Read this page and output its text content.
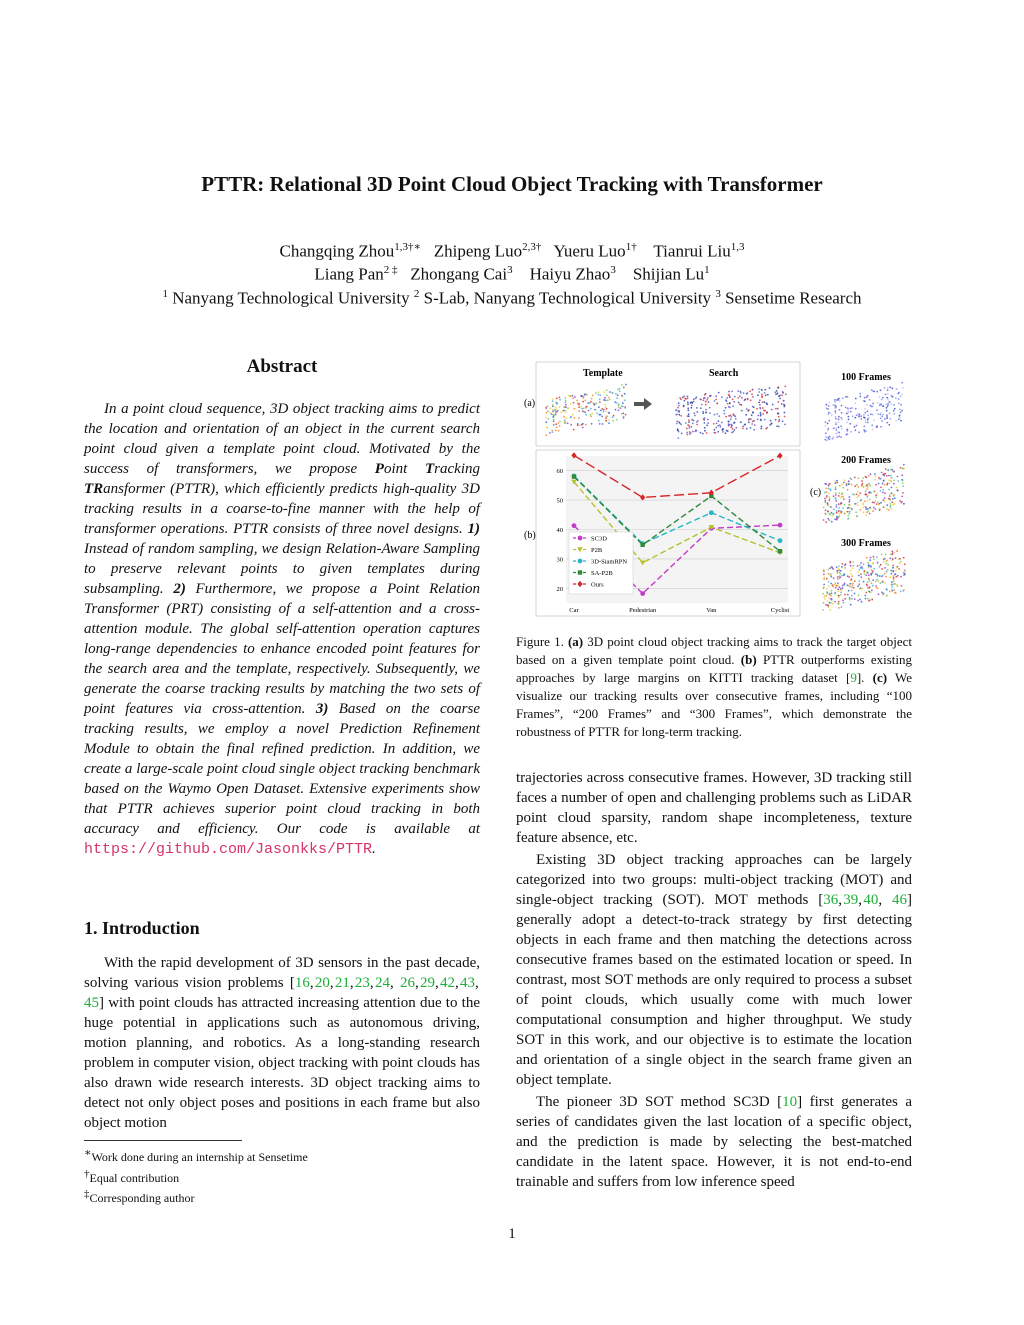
PTTR: Relational 3D Point Cloud Object Tracking with Transformer
Changqing Zhou$^{1,3\dagger∗}$ Zhipeng Luo$^{2,3\dagger}$ Yueru Luo$^{1\dagger}$ Tianrui Liu$^{1,3}$
Liang Pan$^{2 \ddagger}$ Zhongang Cai$^3$ Haiyu Zhao$^3$ Shijian Lu$^1$
$^1$ Nanyang Technological University $^2$ S-Lab, Nanyang Technological University $^3$ Sensetime Research
Abstract

In a point cloud sequence, 3D object tracking aims to predict the location and orientation of an object in the current search point cloud given a template point cloud. Motivated by the success of transformers, we propose Point Tracking TRansformer (PTTR), which efficiently predicts high-quality 3D tracking results in a coarse-to-fine manner with the help of transformer operations. PTTR consists of three novel designs. 1) Instead of random sampling, we design Relation-Aware Sampling to preserve relevant points to given templates during subsampling. 2) Furthermore, we propose a Point Relation Transformer (PRT) consisting of a self-attention and a cross-attention module. The global self-attention operation captures long-range dependencies to enhance encoded point features for the search area and the template, respectively. Subsequently, we generate the coarse tracking results by matching the two sets of point features via cross-attention. 3) Based on the coarse tracking results, we employ a novel Prediction Refinement Module to obtain the final refined prediction. In addition, we create a large-scale point cloud single object tracking benchmark based on the Waymo Open Dataset. Extensive experiments show that PTTR achieves superior point cloud tracking in both accuracy and efficiency. Our code is available at https://github.com/Jasonkks/PTTR.

1. Introduction

With the rapid development of 3D sensors in the past decade, solving various vision problems [16, 20, 21, 23, 24, 26, 29, 42, 43, 45] with point clouds has attracted increasing attention due to the huge potential in applications such as autonomous driving, motion planning, and robotics. As a long-standing research problem in computer vision, object tracking with point clouds has also drawn wide research interests. 3D object tracking aims to detect not only object poses and positions in each frame but also object motion

∗Work done during an internship at Sensetime
†Equal contribution
‡Corresponding author
Template	Search
(a)
(b)
20
30
40
50
60
Car	Pedestrian	Van	Cyclist
SC3D
P2B
3D-SiamRPN
SA-P2B
Ours
(c)
100 Frames
200 Frames
300 Frames
Figure 1. (a) 3D point cloud object tracking aims to track the target object based on a given template point cloud. (b) PTTR outperforms existing approaches by large margins on KITTI tracking dataset [9]. (c) We visualize our tracking results over consecutive frames, including “100 Frames”, “200 Frames” and “300 Frames”, which demonstrate the robustness of PTTR for long-term tracking.

trajectories across consecutive frames. However, 3D tracking still faces a number of open and challenging problems such as LiDAR point cloud sparsity, random shape incompleteness, texture feature absence, etc.

Existing 3D object tracking approaches can be largely categorized into two groups: multi-object tracking (MOT) and single-object tracking (SOT). MOT methods [36, 39, 40, 46] generally adopt a detect-to-track strategy by first detecting objects in each frame and then matching the detections across consecutive frames based on the estimated location or speed. In contrast, most SOT methods are only required to process a subset of point clouds, which usually come with much lower computational consumption and higher throughput. We study SOT in this work, and our objective is to estimate the location and orientation of a single object in the search frame given an object template.

The pioneer 3D SOT method SC3D [10] first generates a series of candidates given the last location of a specific object, and the prediction is made by selecting the best-matched candidate in the latent space. However, it is not end-to-end trainable and suffers from low inference speed

1
